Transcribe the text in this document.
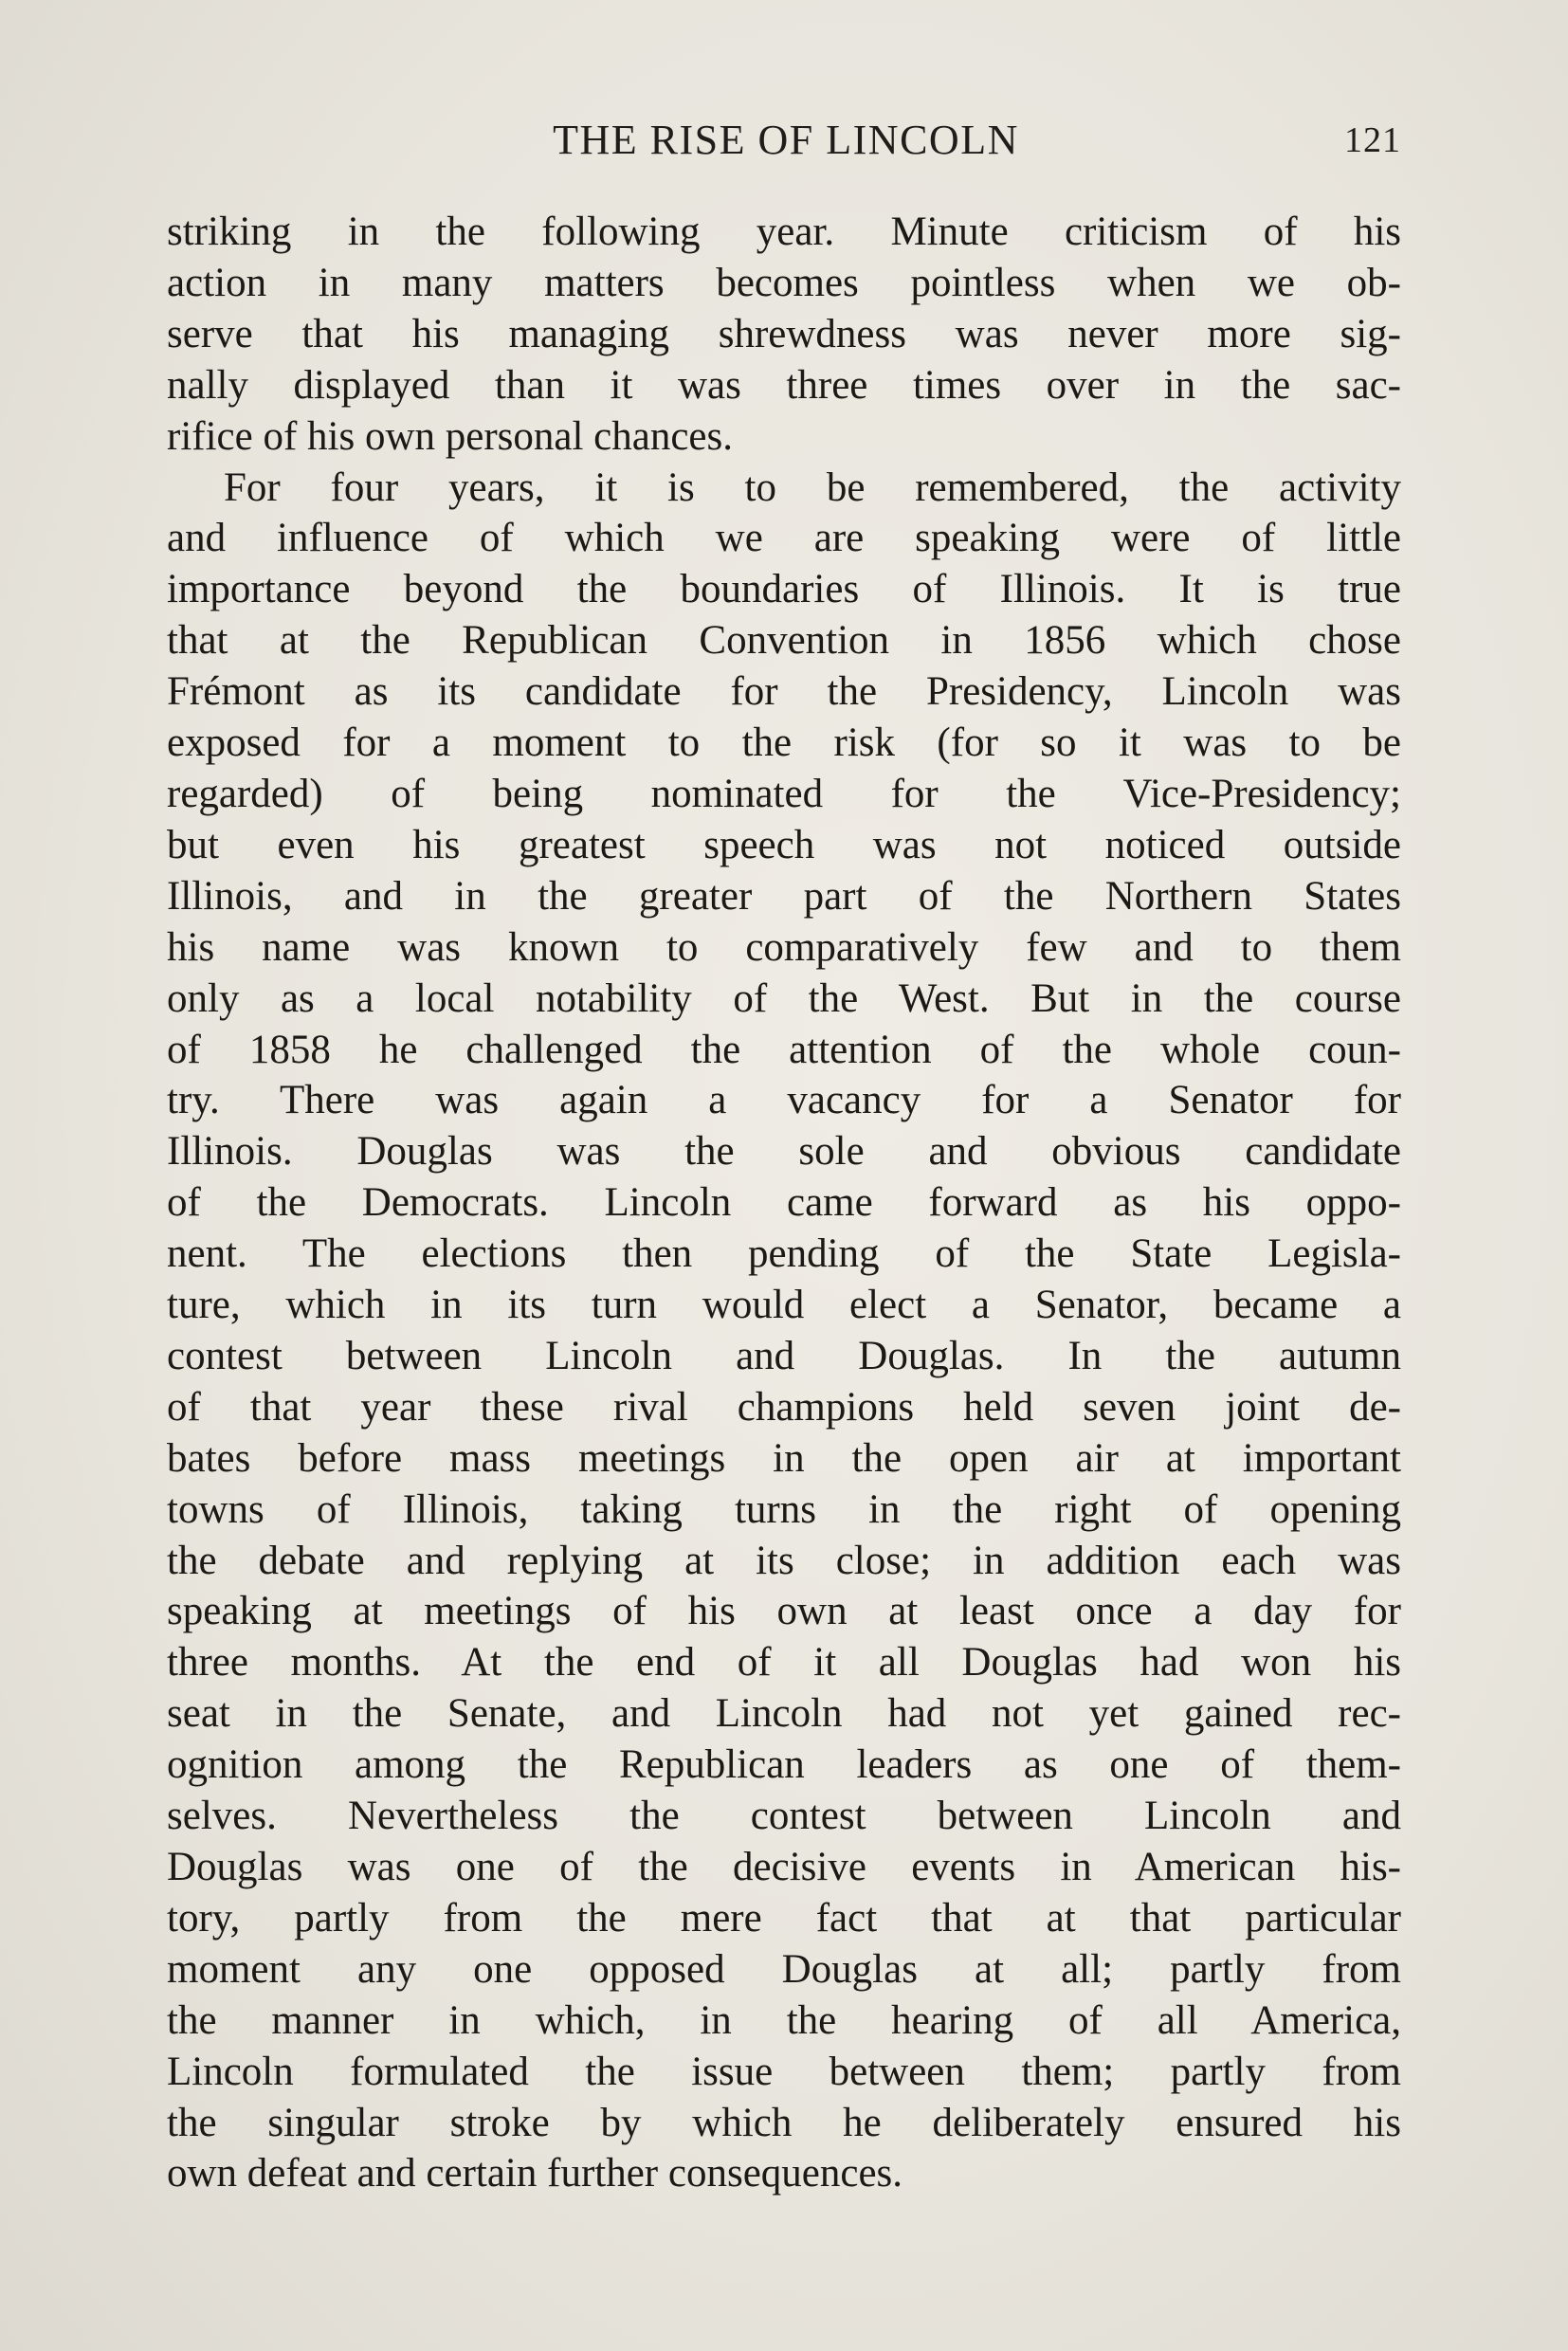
THE RISE OF LINCOLN	121
striking in the following year. Minute criticism of his
action in many matters becomes pointless when we ob-
serve that his managing shrewdness was never more sig-
nally displayed than it was three times over in the sac-
rifice of his own personal chances.
For four years, it is to be remembered, the activity
and influence of which we are speaking were of little
importance beyond the boundaries of Illinois. It is true
that at the Republican Convention in 1856 which chose
Frémont as its candidate for the Presidency, Lincoln was
exposed for a moment to the risk (for so it was to be
regarded) of being nominated for the Vice-Presidency;
but even his greatest speech was not noticed outside
Illinois, and in the greater part of the Northern States
his name was known to comparatively few and to them
only as a local notability of the West. But in the course
of 1858 he challenged the attention of the whole coun-
try. There was again a vacancy for a Senator for
Illinois. Douglas was the sole and obvious candidate
of the Democrats. Lincoln came forward as his oppo-
nent. The elections then pending of the State Legisla-
ture, which in its turn would elect a Senator, became a
contest between Lincoln and Douglas. In the autumn
of that year these rival champions held seven joint de-
bates before mass meetings in the open air at important
towns of Illinois, taking turns in the right of opening
the debate and replying at its close; in addition each was
speaking at meetings of his own at least once a day for
three months. At the end of it all Douglas had won his
seat in the Senate, and Lincoln had not yet gained rec-
ognition among the Republican leaders as one of them-
selves. Nevertheless the contest between Lincoln and
Douglas was one of the decisive events in American his-
tory, partly from the mere fact that at that particular
moment any one opposed Douglas at all; partly from
the manner in which, in the hearing of all America,
Lincoln formulated the issue between them; partly from
the singular stroke by which he deliberately ensured his
own defeat and certain further consequences.
